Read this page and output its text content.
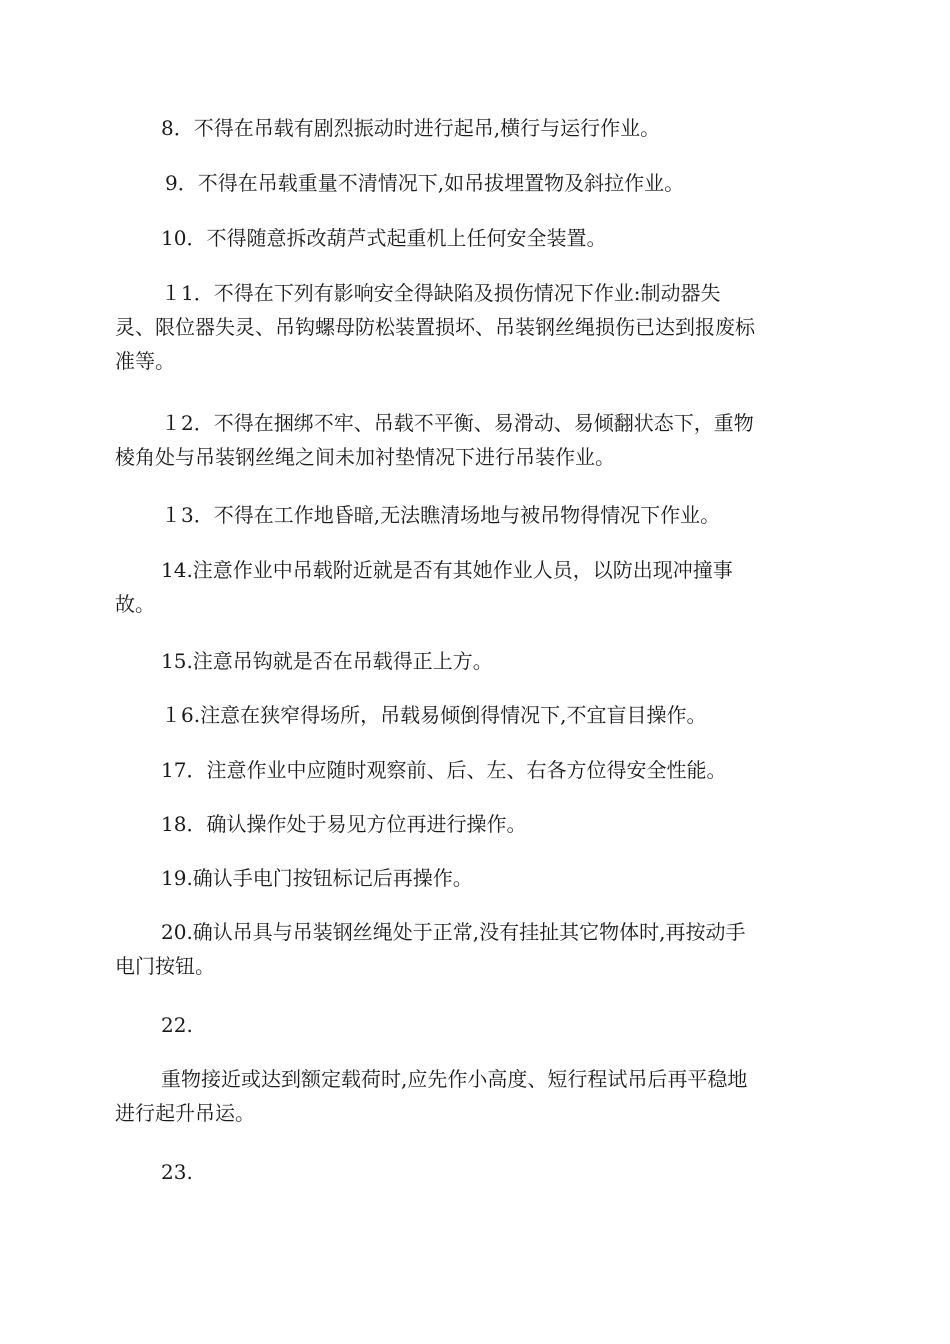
8．不得在吊载有剧烈振动时进行起吊,横行与运行作业。

9．不得在吊载重量不清情况下,如吊拔埋置物及斜拉作业。

10．不得随意拆改葫芦式起重机上任何安全装置。

１1．不得在下列有影响安全得缺陷及损伤情况下作业:制动器失
灵、限位器失灵、吊钩螺母防松装置损坏、吊装钢丝绳损伤已达到报废标
准等。

１2．不得在捆绑不牢、吊载不平衡、易滑动、易倾翻状态下，重物
棱角处与吊装钢丝绳之间未加衬垫情况下进行吊装作业。

１3．不得在工作地昏暗,无法瞧清场地与被吊物得情况下作业。

14.注意作业中吊载附近就是否有其她作业人员，以防出现冲撞事
故。

15.注意吊钩就是否在吊载得正上方。

１6.注意在狭窄得场所，吊载易倾倒得情况下,不宜盲目操作。

17．注意作业中应随时观察前、后、左、右各方位得安全性能。

18．确认操作处于易见方位再进行操作。

19.确认手电门按钮标记后再操作。

20.确认吊具与吊装钢丝绳处于正常,没有挂扯其它物体时,再按动手
电门按钮。

22.

重物接近或达到额定载荷时,应先作小高度、短行程试吊后再平稳地
进行起升吊运。

23.
